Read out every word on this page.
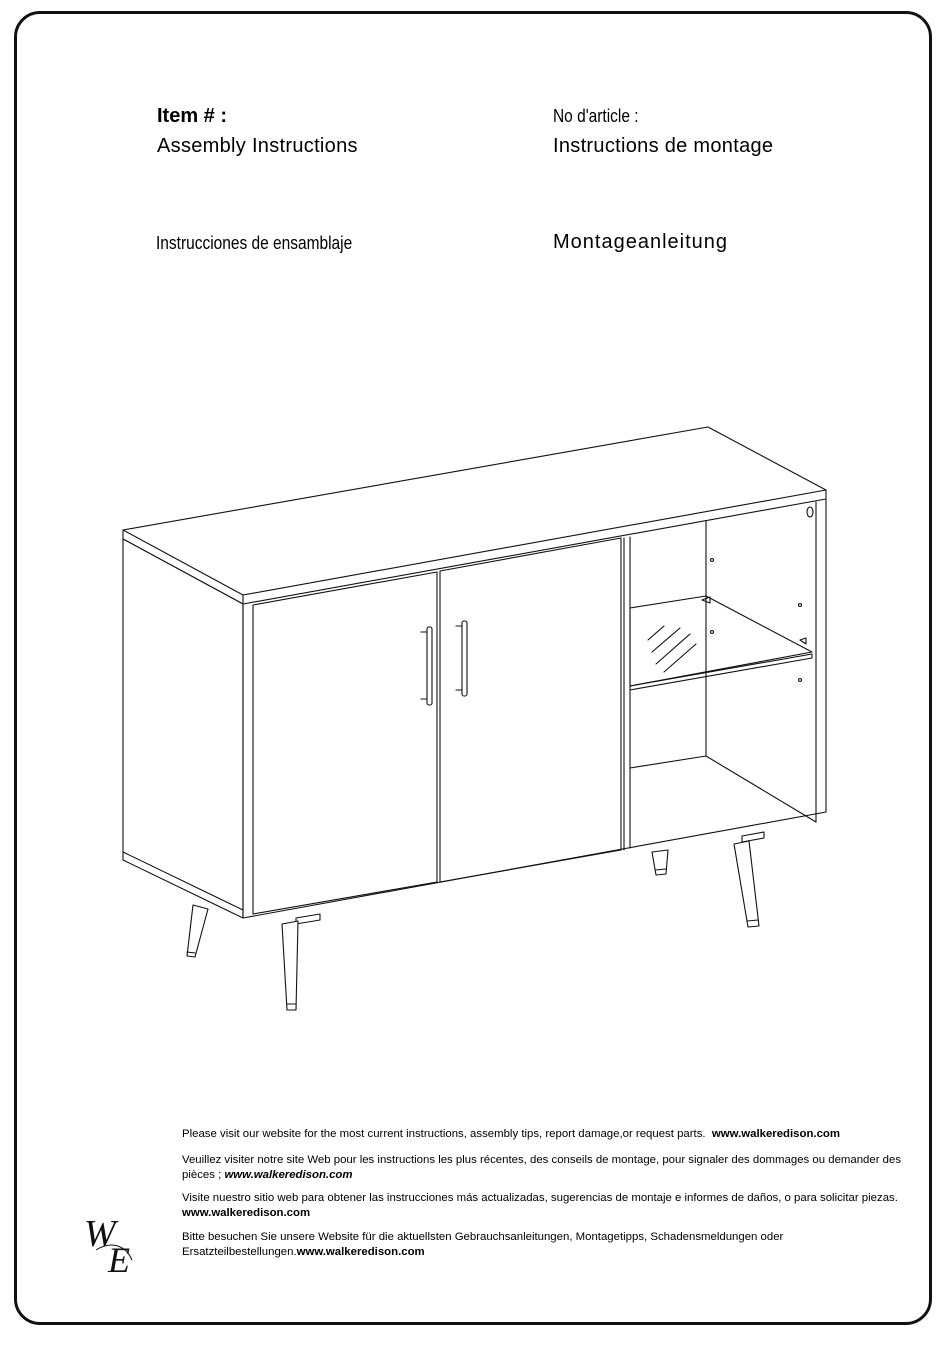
Item # :
Assembly Instructions
No d'article :
Instructions de montage
Instrucciones de ensamblaje	Montageanleitung
Please visit our website for the most current instructions, assembly tips, report damage,or request parts. www.walkeredison.com
Veuillez visiter notre site Web pour les instructions les plus récentes, des conseils de montage, pour signaler des dommages ou demander des pièces ; www.walkeredison.com
Visite nuestro sitio web para obtener las instrucciones más actualizadas, sugerencias de montaje e informes de daños, o para solicitar piezas. www.walkeredison.com
Bitte besuchen Sie unsere Website für die aktuellsten Gebrauchsanleitungen, Montagetipps, Schadensmeldungen oder Ersatzteilbestellungen.www.walkeredison.com
W
E
